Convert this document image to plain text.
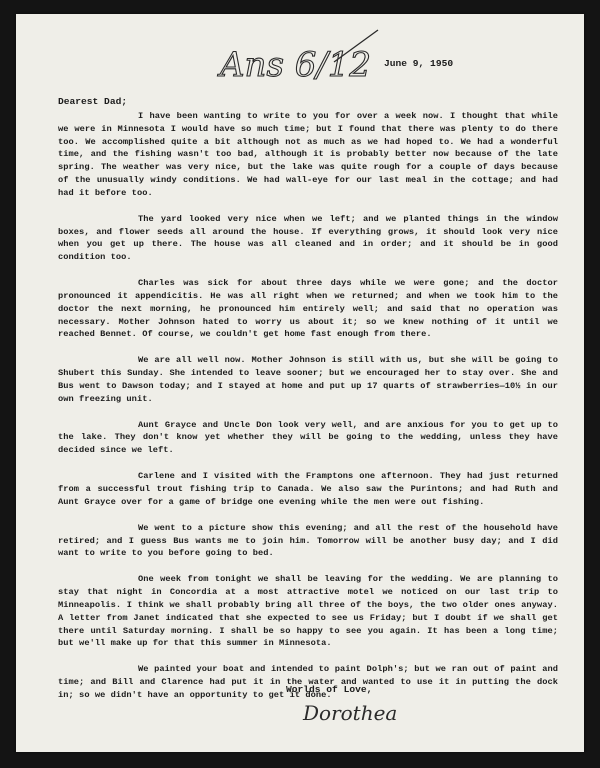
Ans 6/12 June 9, 1950
Dearest Dad;

I have been wanting to write to you for over a week now. I thought that while we were in Minnesota I would have so much time; but I found that there was plenty to do there too. We accomplished quite a bit although not as much as we had hoped to. We had a wonderful time, and the fishing wasn't too bad, although it is probably better now because of the late spring. The weather was very nice, but the lake was quite rough for a couple of days because of the unusually windy conditions. We had wall-eye for our last meal in the cottage; and had had it before too.

The yard looked very nice when we left; and we planted things in the window boxes, and flower seeds all around the house. If everything grows, it should look very nice when you get up there. The house was all cleaned and in order; and it should be in good condition too.

Charles was sick for about three days while we were gone; and the doctor pronounced it appendicitis. He was all right when we returned; and when we took him to the doctor the next morning, he pronounced him entirely well; and said that no operation was necessary. Mother Johnson hated to worry us about it; so we knew nothing of it until we reached Bennet. Of course, we couldn't get home fast enough from there.

We are all well now. Mother Johnson is still with us, but she will be going to Shubert this Sunday. She intended to leave sooner; but we encouraged her to stay over. She and Bus went to Dawson today; and I stayed at home and put up 17 quarts of strawberries—10½ in our own freezing unit.

Aunt Grayce and Uncle Don look very well, and are anxious for you to get up to the lake. They don't know yet whether they will be going to the wedding, unless they have decided since we left.

Carlene and I visited with the Framptons one afternoon. They had just returned from a successful trout fishing trip to Canada. We also saw the Purintons; and had Ruth and Aunt Grayce over for a game of bridge one evening while the men were out fishing.

We went to a picture show this evening; and all the rest of the household have retired; and I guess Bus wants me to join him. Tomorrow will be another busy day; and I did want to write to you before going to bed.

One week from tonight we shall be leaving for the wedding. We are planning to stay that night in Concordia at a most attractive motel we noticed on our last trip to Minneapolis. I think we shall probably bring all three of the boys, the two older ones anyway. A letter from Janet indicated that she expected to see us Friday; but I doubt if we shall get there until Saturday morning. I shall be so happy to see you again. It has been a long time; but we'll make up for that this summer in Minnesota.

We painted your boat and intended to paint Dolph's; but we ran out of paint and time; and Bill and Clarence had put it in the water and wanted to use it in putting the dock in; so we didn't have an opportunity to get it done.

Worlds of Love,
Dorothea
